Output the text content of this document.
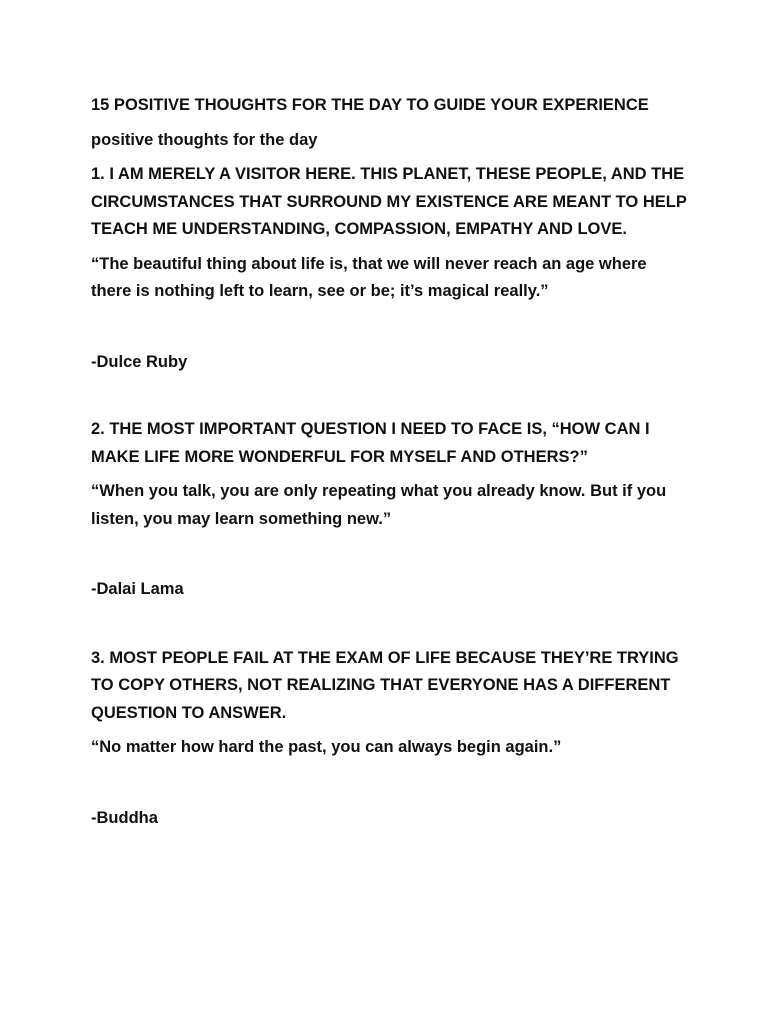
15 POSITIVE THOUGHTS FOR THE DAY TO GUIDE YOUR EXPERIENCE

positive thoughts for the day

1. I AM MERELY A VISITOR HERE. THIS PLANET, THESE PEOPLE, AND THE CIRCUMSTANCES THAT SURROUND MY EXISTENCE ARE MEANT TO HELP TEACH ME UNDERSTANDING, COMPASSION, EMPATHY AND LOVE.

“The beautiful thing about life is, that we will never reach an age where there is nothing left to learn, see or be; it’s magical really.”

-Dulce Ruby

2. THE MOST IMPORTANT QUESTION I NEED TO FACE IS, “HOW CAN I MAKE LIFE MORE WONDERFUL FOR MYSELF AND OTHERS?”

“When you talk, you are only repeating what you already know. But if you listen, you may learn something new.”

-Dalai Lama

3. MOST PEOPLE FAIL AT THE EXAM OF LIFE BECAUSE THEY’RE TRYING TO COPY OTHERS, NOT REALIZING THAT EVERYONE HAS A DIFFERENT QUESTION TO ANSWER.

“No matter how hard the past, you can always begin again.”

-Buddha
